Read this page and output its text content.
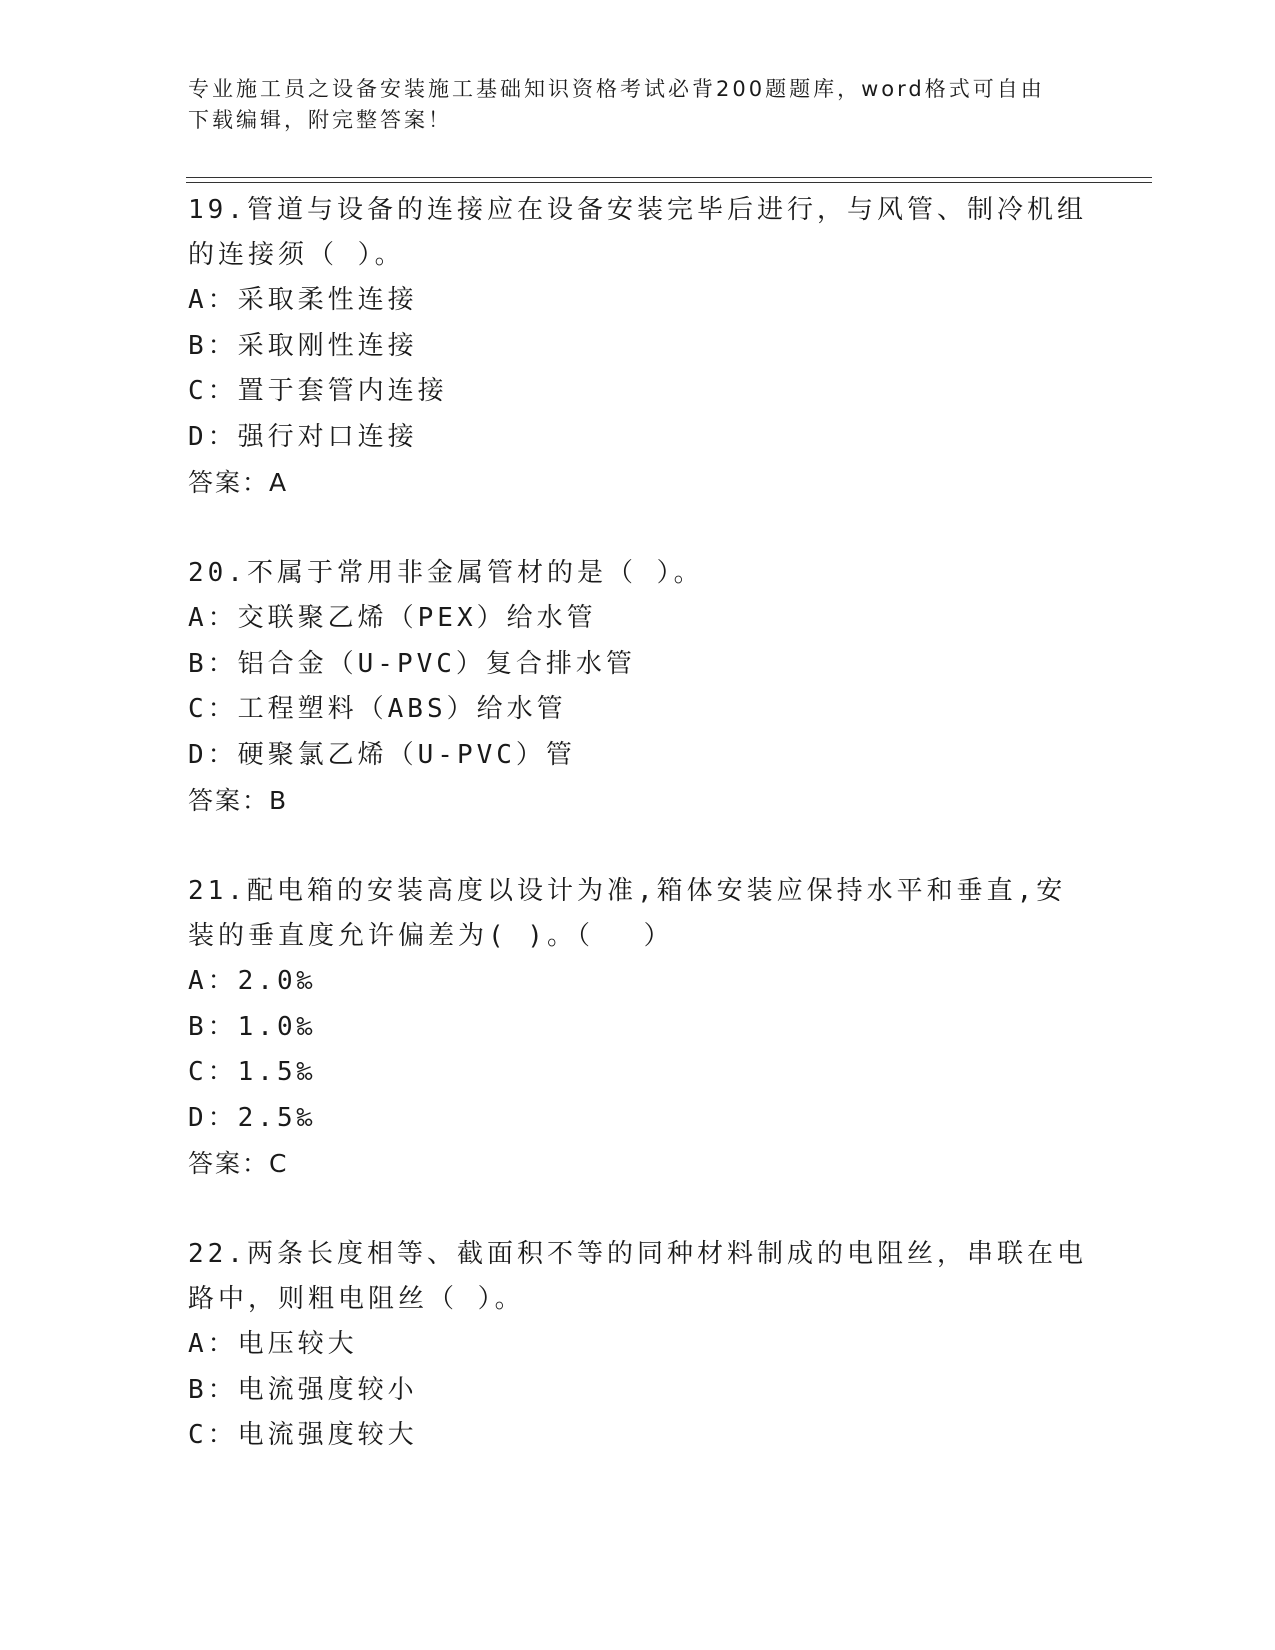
专业施工员之设备安装施工基础知识资格考试必背200题题库，word格式可自由下载编辑，附完整答案！
19.管道与设备的连接应在设备安装完毕后进行，与风管、制冷机组的连接须（ ）。
A：采取柔性连接
B：采取刚性连接
C：置于套管内连接
D：强行对口连接
答案：A
20.不属于常用非金属管材的是（ ）。
A：交联聚乙烯（PEX）给水管
B：铝合金（U-PVC）复合排水管
C：工程塑料（ABS）给水管
D：硬聚氯乙烯（U-PVC）管
答案：B
21.配电箱的安装高度以设计为准,箱体安装应保持水平和垂直,安装的垂直度允许偏差为( )。（　 ）
A：2.0‰
B：1.0‰
C：1.5‰
D：2.5‰
答案：C
22.两条长度相等、截面积不等的同种材料制成的电阻丝，串联在电路中，则粗电阻丝（ ）。
A：电压较大
B：电流强度较小
C：电流强度较大
